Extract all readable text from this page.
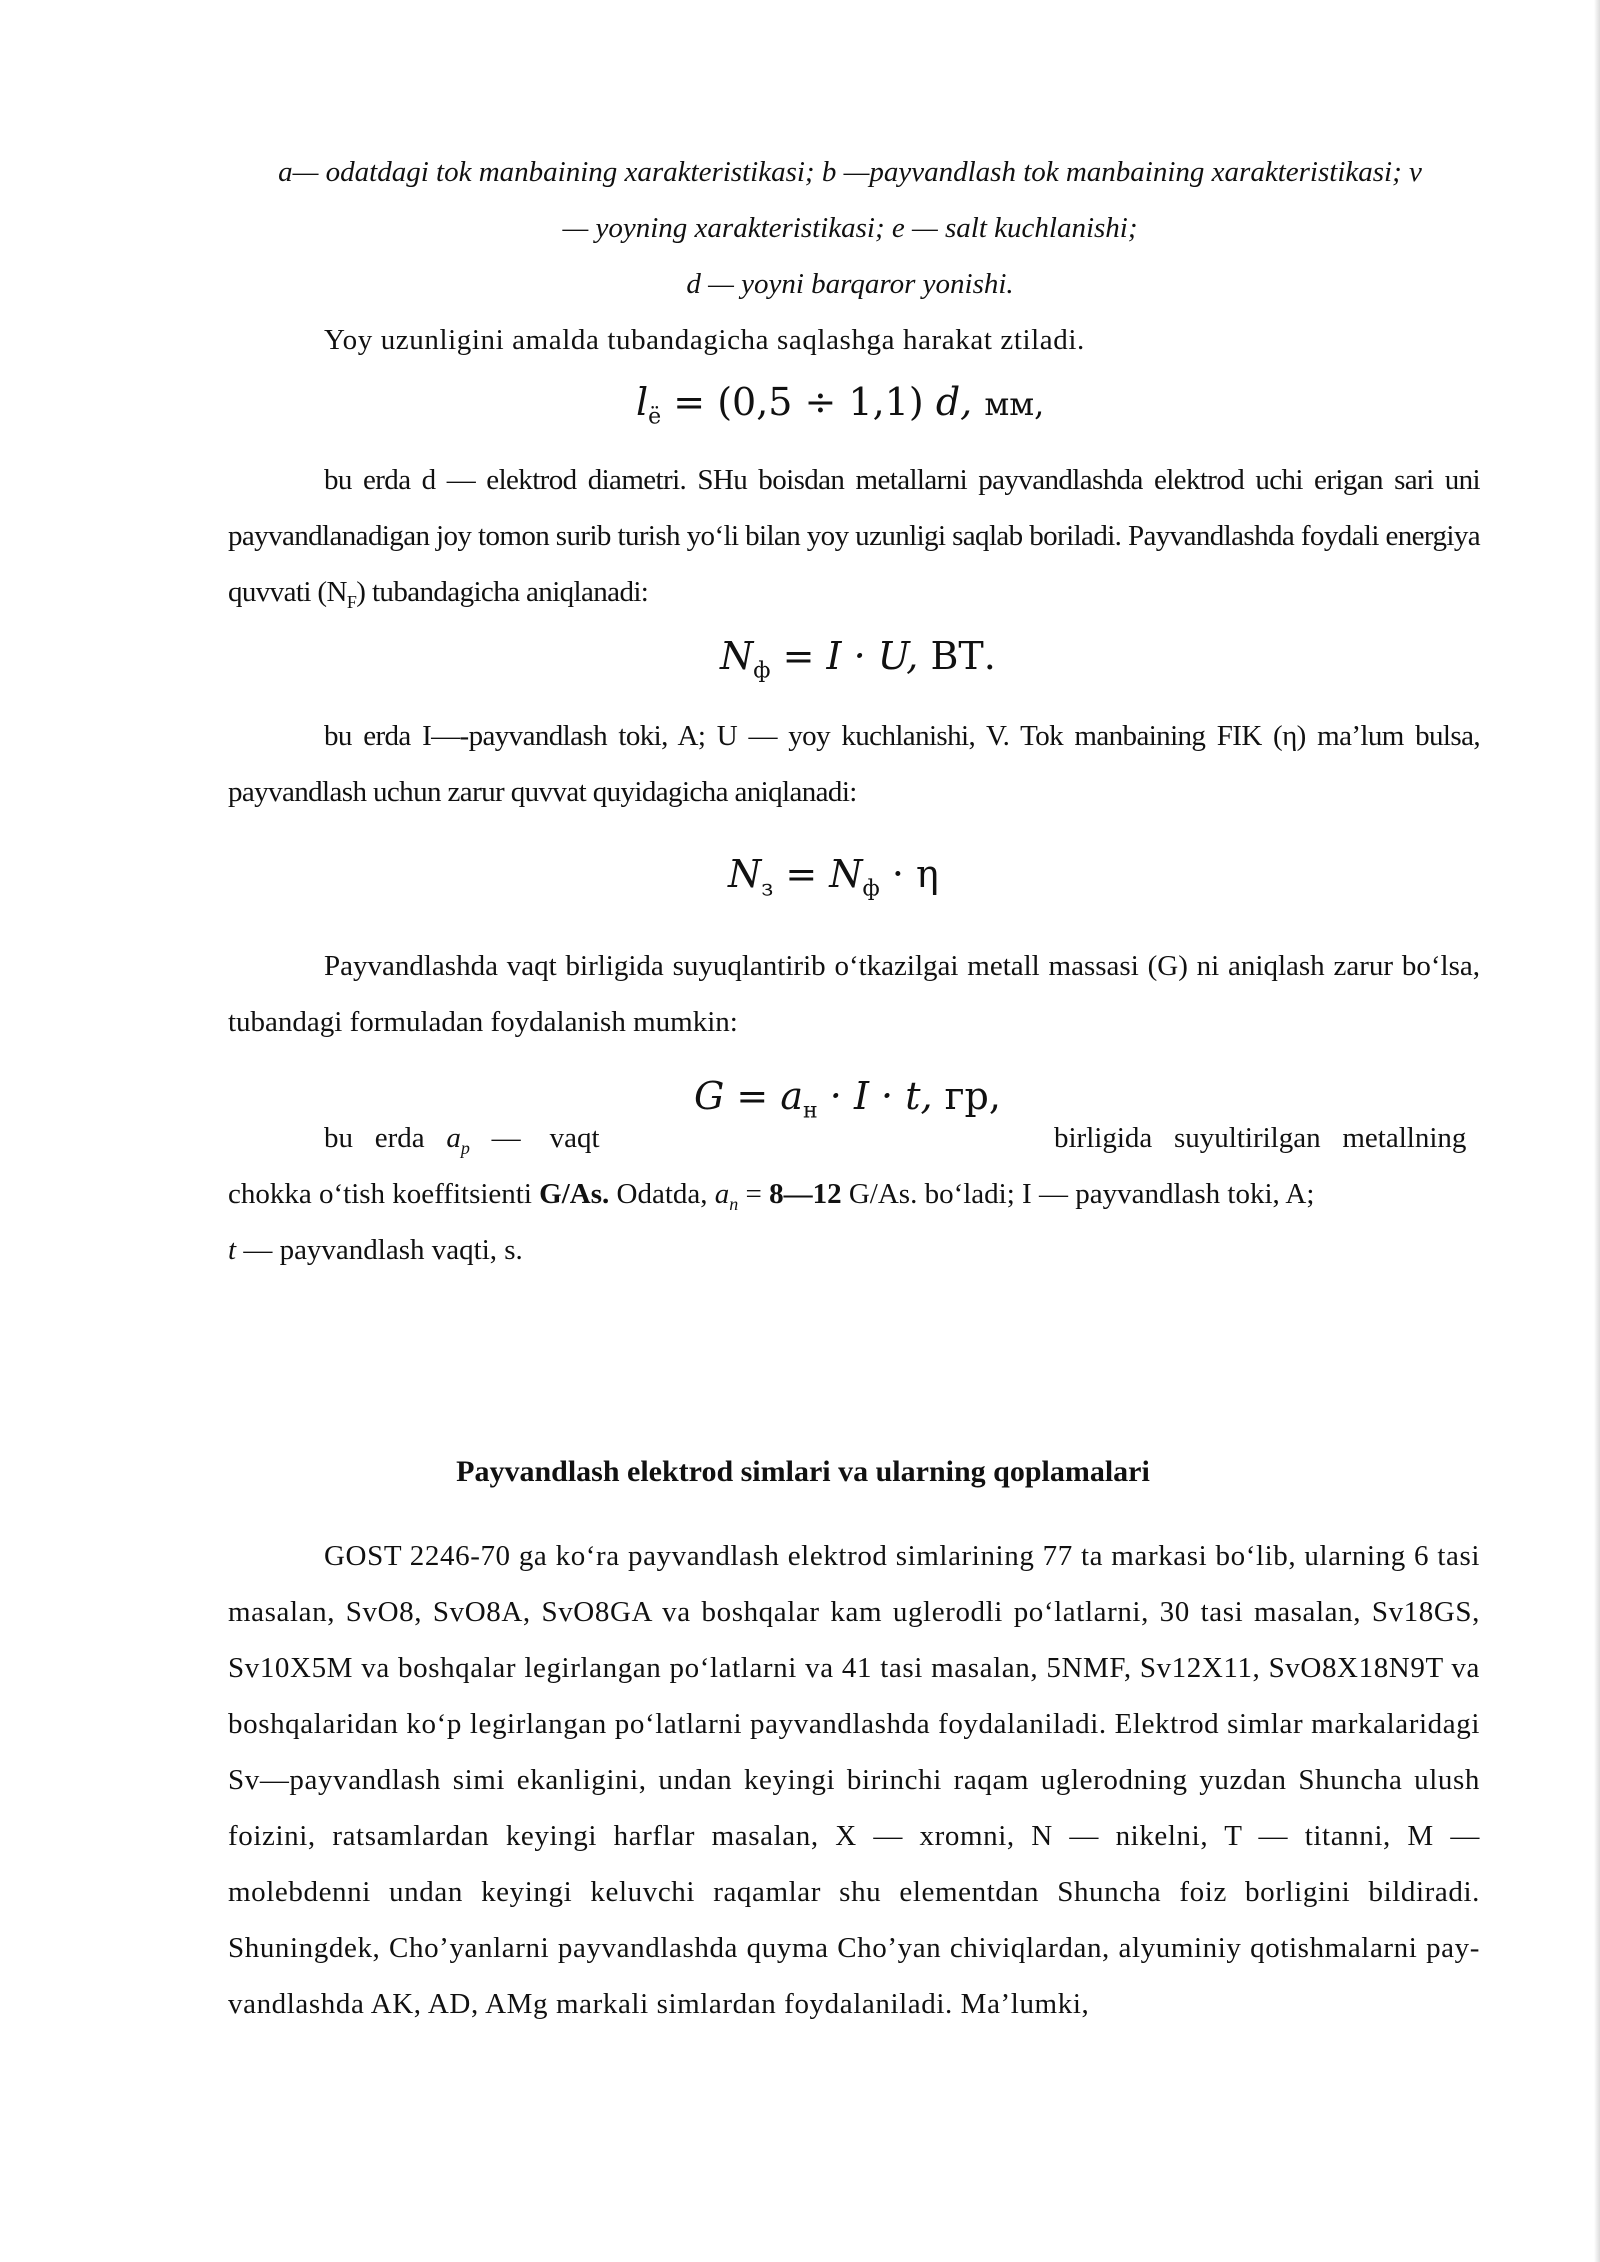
a— odatdagi tok manbaining xarakteristikasi; b —payvandlash tok manbaining xarakteristikasi; v
— yoyning xarakteristikasi; e — salt kuchlanishi;
d — yoyni barqaror yonishi.

Yoy uzunligini amalda tubandagicha saqlashga harakat ztiladi.

$l_ё = (0,5 \div 1,1)$ d, мм,

bu erda d — elektrod diametri. SHu boisdan metallarni payvandlashda elektrod uchi erigan sari uni payvandlanadigan joy tomon surib turish yo‘li bilan yoy uzunligi saqlab boriladi. Payvandlashda foydali energiya quvvati $(N_F)$ tubandagicha aniqlanadi:

$N_ф = I \cdot U$, ВТ.

bu erda I—-payvandlash toki, A; U — yoy kuchlanishi, V. Tok manbaining FIK (η) ma’lum bulsa, payvandlash uchun zarur quvvat quyidagicha aniqlanadi:

$N_з = N_ф \cdot \eta$

Payvandlashda vaqt birligida suyuqlantirib o‘tkazilgai metall massasi (G) ni aniqlash zarur bo‘lsa, tubandagi formuladan foydalanish mumkin:

$G = a_н \cdot I \cdot t$, гр,
bu   erda $a_p$ —    vaqt	birligida   suyultirilgan   metallning
chokka o‘tish koeffitsienti G/As. Odatda, $a_n$ = 8—12 G/As. bo‘ladi; I — payvandlash toki, A;
t — payvandlash vaqti, s.
Payvandlash elektrod simlari va ularning qoplamalari

GOST 2246-70 ga ko‘ra payvandlash elektrod simlarining 77 ta markasi bo‘lib, ularning 6 tasi masalan, SvO8, SvO8A, SvO8GA va boshqalar kam uglerodli po‘latlarni, 30 tasi masalan, Sv18GS, Sv10X5M va boshqalar legirlangan po‘latlarni va 41 tasi masalan, 5NMF, Sv12X11, SvO8X18N9T va boshqalaridan ko‘p legirlangan po‘latlarni payvandlashda foydalaniladi. Elektrod simlar markalaridagi Sv—payvandlash simi ekanligini, undan keyingi birinchi raqam uglerodning yuzdan Shuncha ulush foizini, ratsamlardan keyingi harflar masalan, X — xromni, N — nikelni, T — titanni, M — molebdenni undan keyingi keluvchi raqamlar shu elementdan Shuncha foiz borligini bildiradi. Shuningdek, Cho’yanlarni payvandlashda quyma Cho’yan chiviqlardan, alyuminiy qotishmalarni pay-vandlashda AK, AD, AMg markali simlardan foydalaniladi. Ma’lumki,
